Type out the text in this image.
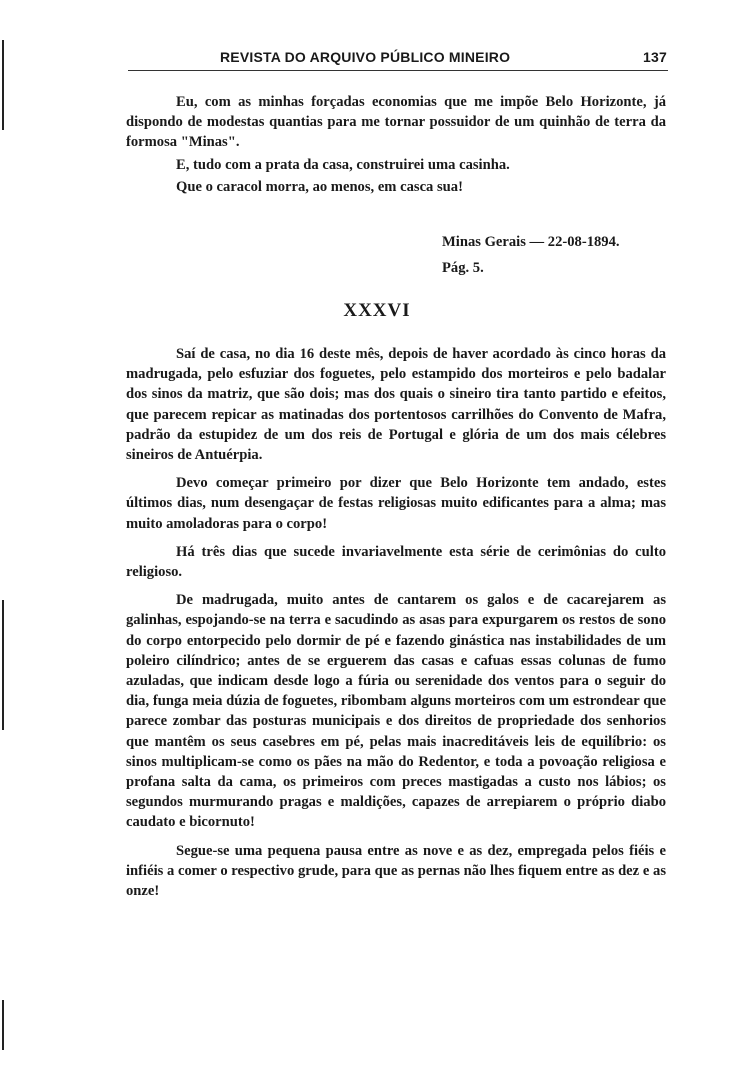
REVISTA DO ARQUIVO PÚBLICO MINEIRO	137

Eu, com as minhas forçadas economias que me impõe Belo Horizonte, já dispondo de modestas quantias para me tornar possuidor de um quinhão de terra da formosa "Minas".

E, tudo com a prata da casa, construirei uma casinha.

Que o caracol morra, ao menos, em casca sua!

Minas Gerais — 22-08-1894.
Pág. 5.
XXXVI

Saí de casa, no dia 16 deste mês, depois de haver acordado às cinco horas da madrugada, pelo esfuziar dos foguetes, pelo estampido dos morteiros e pelo badalar dos sinos da matriz, que são dois; mas dos quais o sineiro tira tanto partido e efeitos, que parecem repicar as matinadas dos portentosos carrilhões do Convento de Mafra, padrão da estupidez de um dos reis de Portugal e glória de um dos mais célebres sineiros de Antuérpia.

Devo começar primeiro por dizer que Belo Horizonte tem andado, estes últimos dias, num desengaçar de festas religiosas muito edificantes para a alma; mas muito amoladoras para o corpo!

Há três dias que sucede invariavelmente esta série de cerimônias do culto religioso.

De madrugada, muito antes de cantarem os galos e de cacarejarem as galinhas, espojando-se na terra e sacudindo as asas para expurgarem os restos de sono do corpo entorpecido pelo dormir de pé e fazendo ginástica nas instabilidades de um poleiro cilíndrico; antes de se erguerem das casas e cafuas essas colunas de fumo azuladas, que indicam desde logo a fúria ou serenidade dos ventos para o seguir do dia, funga meia dúzia de foguetes, ribombam alguns morteiros com um estrondear que parece zombar das posturas municipais e dos direitos de propriedade dos senhorios que mantêm os seus casebres em pé, pelas mais inacreditáveis leis de equilíbrio: os sinos multiplicam-se como os pães na mão do Redentor, e toda a povoação religiosa e profana salta da cama, os primeiros com preces mastigadas a custo nos lábios; os segundos murmurando pragas e maldições, capazes de arrepiarem o próprio diabo caudato e bicornuto!

Segue-se uma pequena pausa entre as nove e as dez, empregada pelos fiéis e infiéis a comer o respectivo grude, para que as pernas não lhes fiquem entre as dez e as onze!
